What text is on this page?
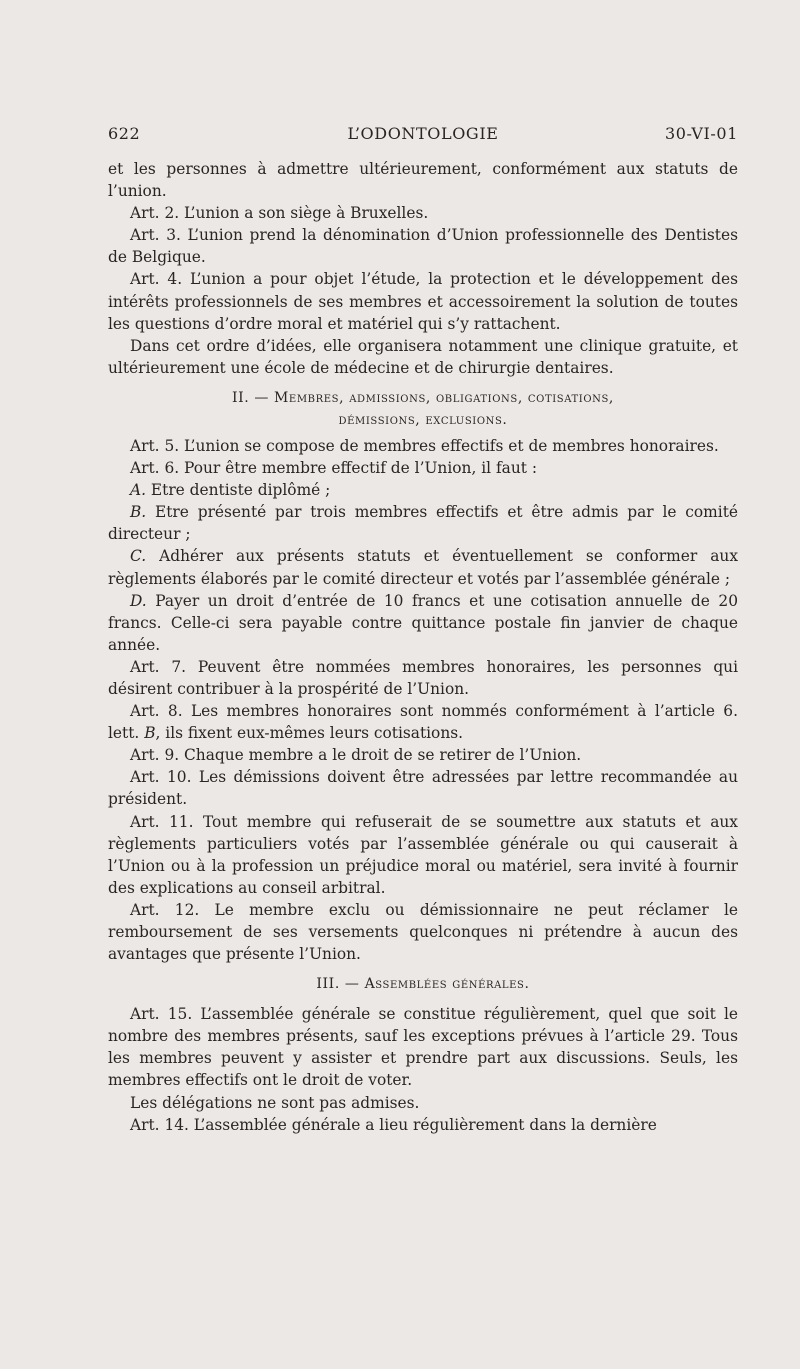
622	L’ODONTOLOGIE	30-VI-01

et les personnes à admettre ultérieurement, conformément aux statuts de l’union.

Art. 2. L’union a son siège à Bruxelles.

Art. 3. L’union prend la dénomination d’Union professionnelle des Dentistes de Belgique.

Art. 4. L’union a pour objet l’étude, la protection et le développement des intérêts professionnels de ses membres et accessoirement la solution de toutes les questions d’ordre moral et matériel qui s’y rattachent.

Dans cet ordre d’idées, elle organisera notamment une clinique gratuite, et ultérieurement une école de médecine et de chirurgie dentaires.

II. — Membres, admissions, obligations, cotisations,
démissions, exclusions.

Art. 5. L’union se compose de membres effectifs et de membres honoraires.

Art. 6. Pour être membre effectif de l’Union, il faut :

A. Etre dentiste diplômé ;

B. Etre présenté par trois membres effectifs et être admis par le comité directeur ;

C. Adhérer aux présents statuts et éventuellement se conformer aux règlements élaborés par le comité directeur et votés par l’assemblée générale ;

D. Payer un droit d’entrée de 10 francs et une cotisation annuelle de 20 francs. Celle-ci sera payable contre quittance postale fin janvier de chaque année.

Art. 7. Peuvent être nommées membres honoraires, les personnes qui désirent contribuer à la prospérité de l’Union.

Art. 8. Les membres honoraires sont nommés conformément à l’article 6. lett. B, ils fixent eux-mêmes leurs cotisations.

Art. 9. Chaque membre a le droit de se retirer de l’Union.

Art. 10. Les démissions doivent être adressées par lettre recommandée au président.

Art. 11. Tout membre qui refuserait de se soumettre aux statuts et aux règlements particuliers votés par l’assemblée générale ou qui causerait à l’Union ou à la profession un préjudice moral ou matériel, sera invité à fournir des explications au conseil arbitral.

Art. 12. Le membre exclu ou démissionnaire ne peut réclamer le remboursement de ses versements quelconques ni prétendre à aucun des avantages que présente l’Union.

III. — Assemblées générales.

Art. 15. L’assemblée générale se constitue régulièrement, quel que soit le nombre des membres présents, sauf les exceptions prévues à l’article 29. Tous les membres peuvent y assister et prendre part aux discussions. Seuls, les membres effectifs ont le droit de voter.

Les délégations ne sont pas admises.

Art. 14. L’assemblée générale a lieu régulièrement dans la dernière
